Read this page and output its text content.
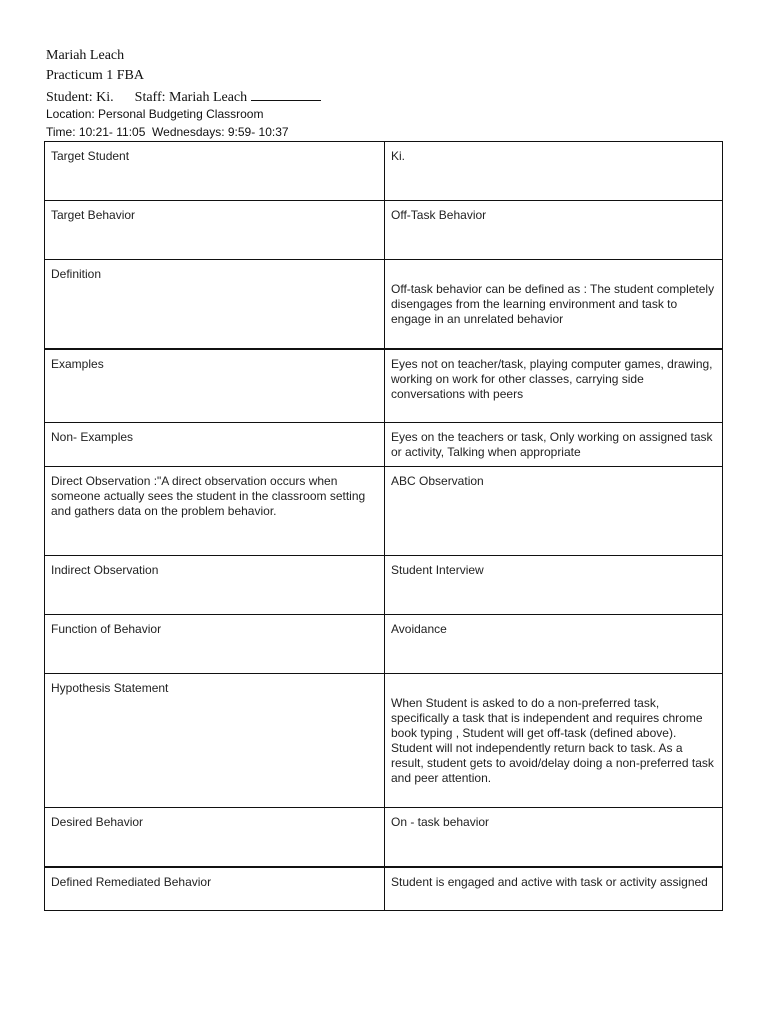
Mariah Leach
Practicum 1 FBA
Student: Ki.      Staff: Mariah Leach
Location: Personal Budgeting Classroom
Time: 10:21- 11:05  Wednesdays: 9:59- 10:37
Target Student	Ki.
Target Behavior	Off-Task Behavior
Definition	Off-task behavior can be defined as : The student completely disengages from the learning environment and task to engage in an unrelated behavior
Examples	Eyes not on teacher/task, playing computer games, drawing, working on work for other classes, carrying side conversations with peers
Non- Examples	Eyes on the teachers or task, Only working on assigned task or activity, Talking when appropriate
Direct Observation :"A direct observation occurs when someone actually sees the student in the classroom setting and gathers data on the problem behavior.	ABC Observation
Indirect Observation	Student Interview
Function of Behavior	Avoidance
Hypothesis Statement	When Student is asked to do a non-preferred task, specifically a task that is independent and requires chrome book typing , Student will get off-task (defined above). Student will not independently return back to task. As a result, student gets to avoid/delay doing a non-preferred task and peer attention.
Desired Behavior	On - task behavior
Defined Remediated Behavior	Student is engaged and active with task or activity assigned
